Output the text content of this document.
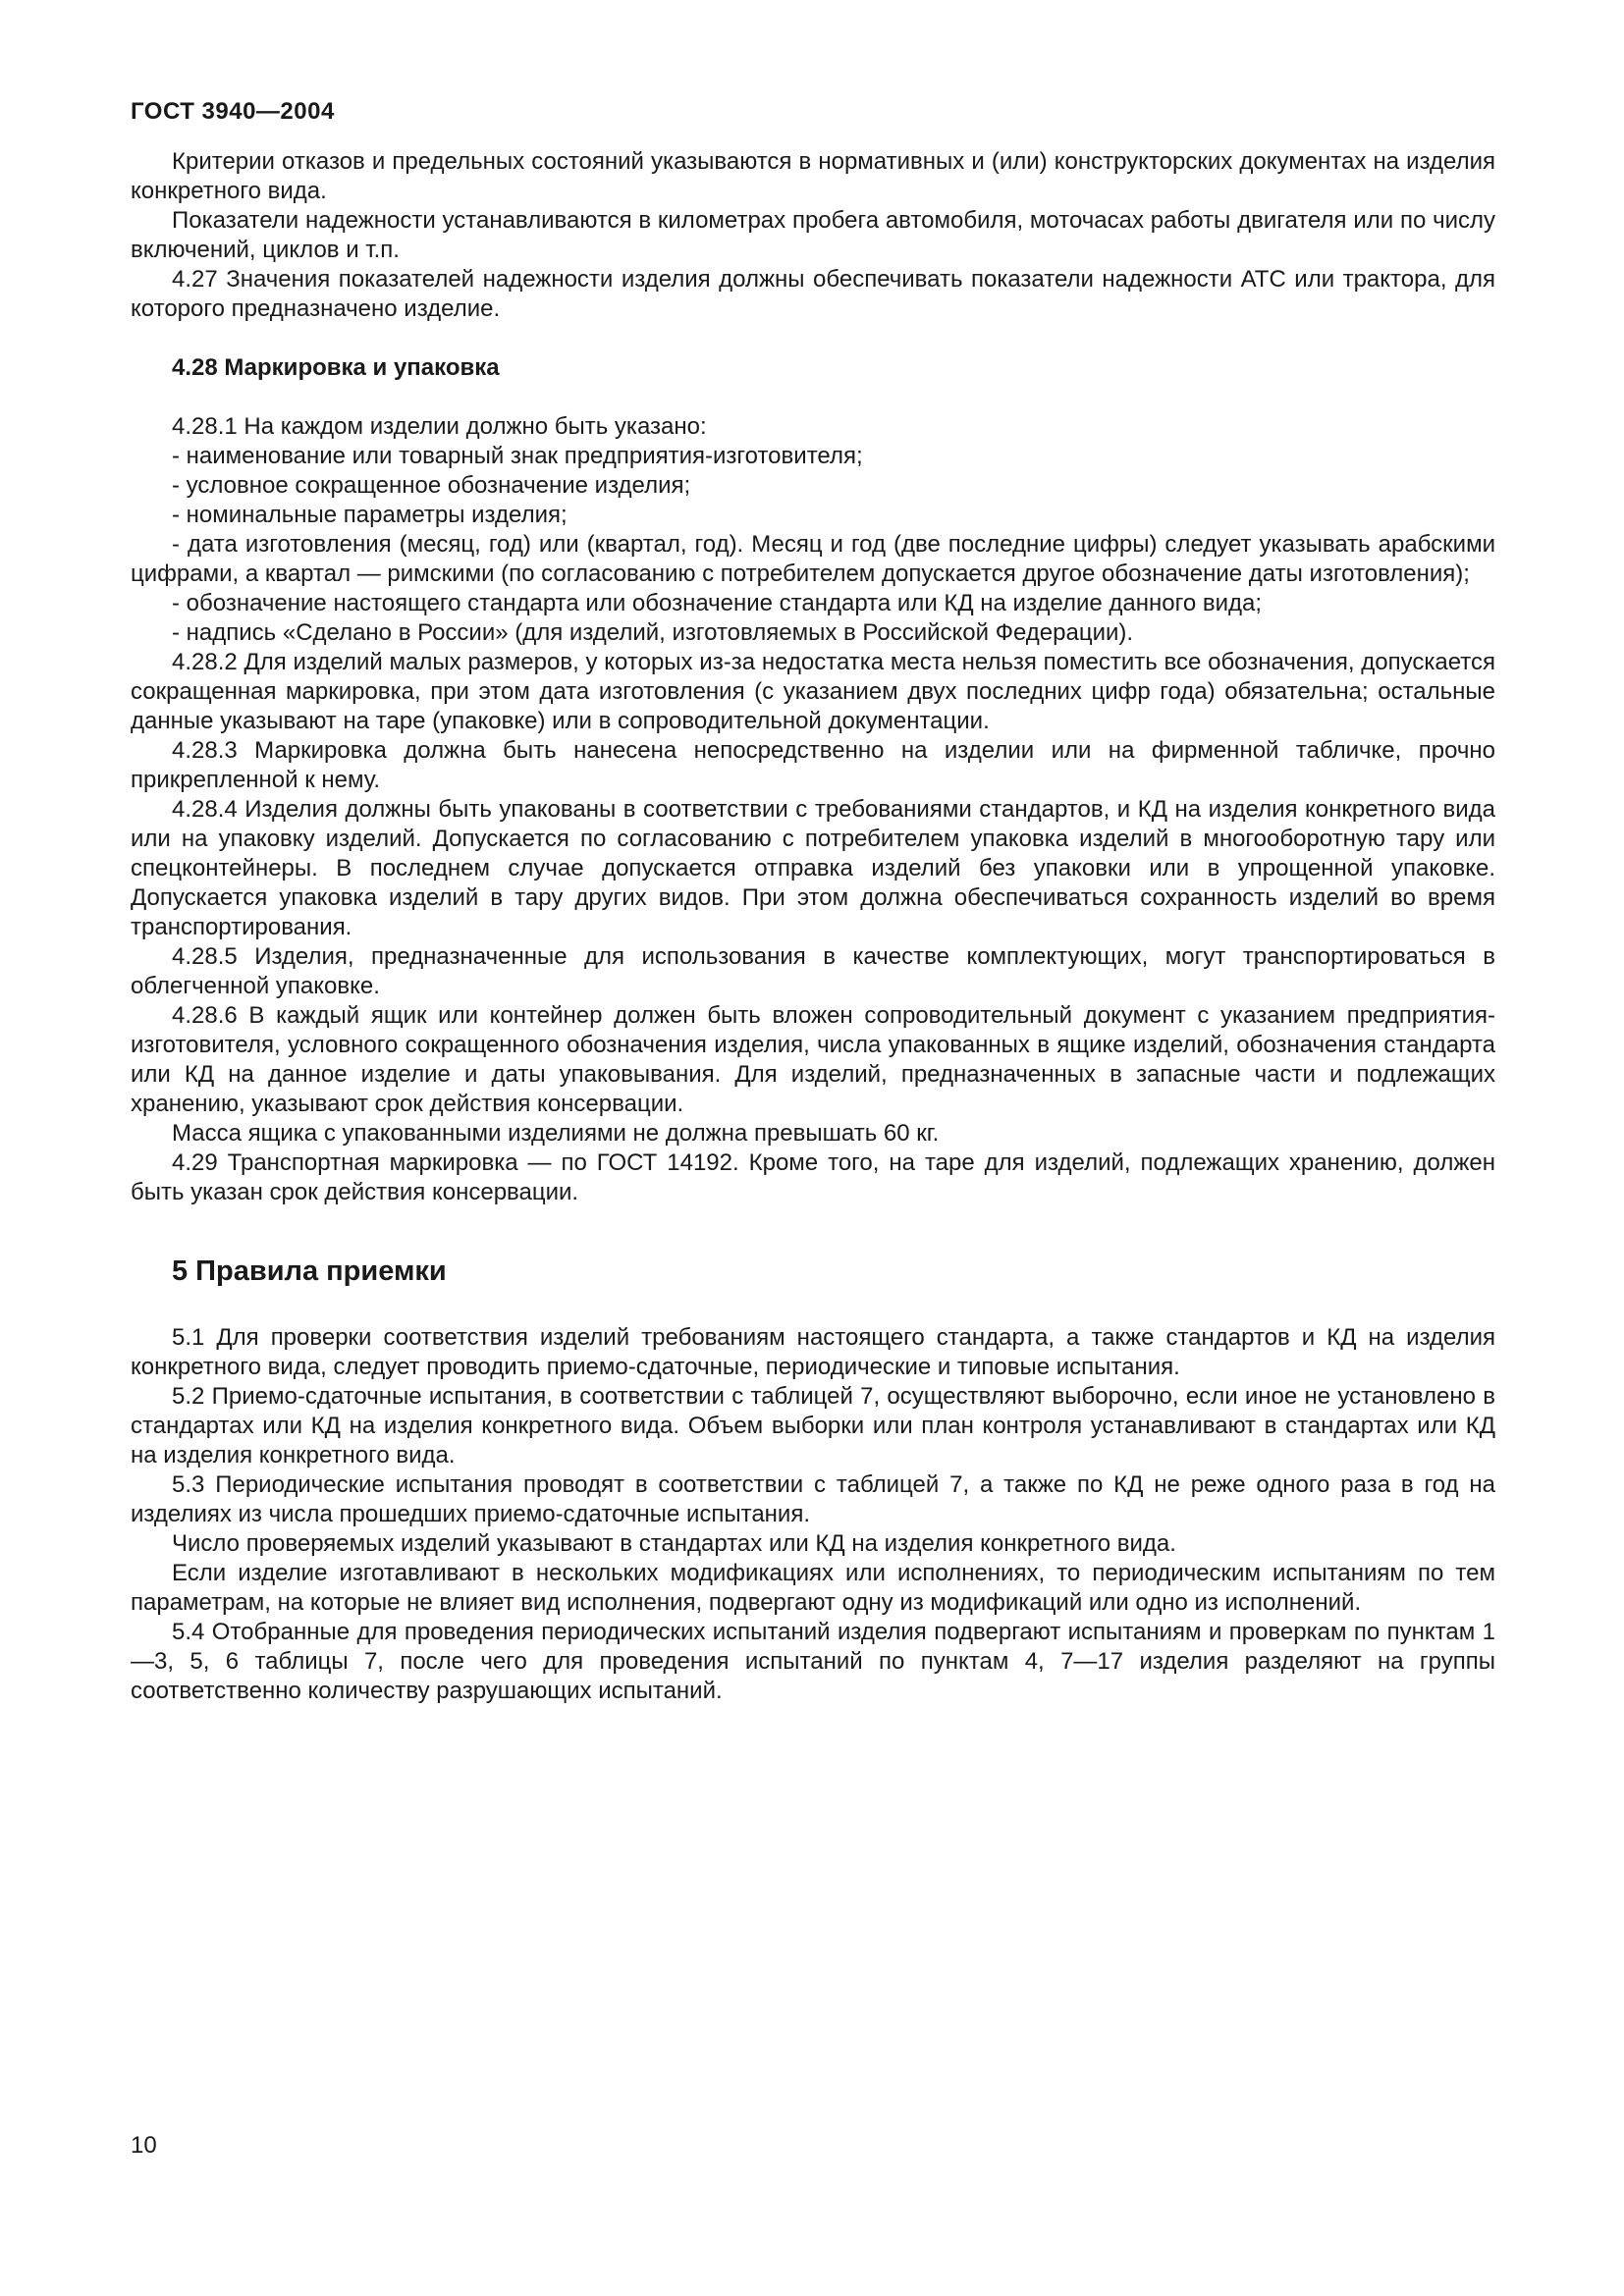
ГОСТ 3940—2004
Критерии отказов и предельных состояний указываются в нормативных и (или) конструкторских документах на изделия конкретного вида.
Показатели надежности устанавливаются в километрах пробега автомобиля, моточасах работы двигателя или по числу включений, циклов и т.п.
4.27 Значения показателей надежности изделия должны обеспечивать показатели надежности АТС или трактора, для которого предназначено изделие.
4.28 Маркировка и упаковка
4.28.1 На каждом изделии должно быть указано:
- наименование или товарный знак предприятия-изготовителя;
- условное сокращенное обозначение изделия;
- номинальные параметры изделия;
- дата изготовления (месяц, год) или (квартал, год). Месяц и год (две последние цифры) следует указывать арабскими цифрами, а квартал — римскими (по согласованию с потребителем допускается другое обозначение даты изготовления);
- обозначение настоящего стандарта или обозначение стандарта или КД на изделие данного вида;
- надпись «Сделано в России» (для изделий, изготовляемых в Российской Федерации).
4.28.2 Для изделий малых размеров, у которых из-за недостатка места нельзя поместить все обозначения, допускается сокращенная маркировка, при этом дата изготовления (с указанием двух последних цифр года) обязательна; остальные данные указывают на таре (упаковке) или в сопроводительной документации.
4.28.3 Маркировка должна быть нанесена непосредственно на изделии или на фирменной табличке, прочно прикрепленной к нему.
4.28.4 Изделия должны быть упакованы в соответствии с требованиями стандартов, и КД на изделия конкретного вида или на упаковку изделий. Допускается по согласованию с потребителем упаковка изделий в многооборотную тару или спецконтейнеры. В последнем случае допускается отправка изделий без упаковки или в упрощенной упаковке. Допускается упаковка изделий в тару других видов. При этом должна обеспечиваться сохранность изделий во время транспортирования.
4.28.5 Изделия, предназначенные для использования в качестве комплектующих, могут транспортироваться в облегченной упаковке.
4.28.6 В каждый ящик или контейнер должен быть вложен сопроводительный документ с указанием предприятия-изготовителя, условного сокращенного обозначения изделия, числа упакованных в ящике изделий, обозначения стандарта или КД на данное изделие и даты упаковывания. Для изделий, предназначенных в запасные части и подлежащих хранению, указывают срок действия консервации.
Масса ящика с упакованными изделиями не должна превышать 60 кг.
4.29 Транспортная маркировка — по ГОСТ 14192. Кроме того, на таре для изделий, подлежащих хранению, должен быть указан срок действия консервации.
5 Правила приемки
5.1 Для проверки соответствия изделий требованиям настоящего стандарта, а также стандартов и КД на изделия конкретного вида, следует проводить приемо-сдаточные, периодические и типовые испытания.
5.2 Приемо-сдаточные испытания, в соответствии с таблицей 7, осуществляют выборочно, если иное не установлено в стандартах или КД на изделия конкретного вида. Объем выборки или план контроля устанавливают в стандартах или КД на изделия конкретного вида.
5.3 Периодические испытания проводят в соответствии с таблицей 7, а также по КД не реже одного раза в год на изделиях из числа прошедших приемо-сдаточные испытания.
Число проверяемых изделий указывают в стандартах или КД на изделия конкретного вида.
Если изделие изготавливают в нескольких модификациях или исполнениях, то периодическим испытаниям по тем параметрам, на которые не влияет вид исполнения, подвергают одну из модификаций или одно из исполнений.
5.4 Отобранные для проведения периодических испытаний изделия подвергают испытаниям и проверкам по пунктам 1—3, 5, 6 таблицы 7, после чего для проведения испытаний по пунктам 4, 7—17 изделия разделяют на группы соответственно количеству разрушающих испытаний.
10
